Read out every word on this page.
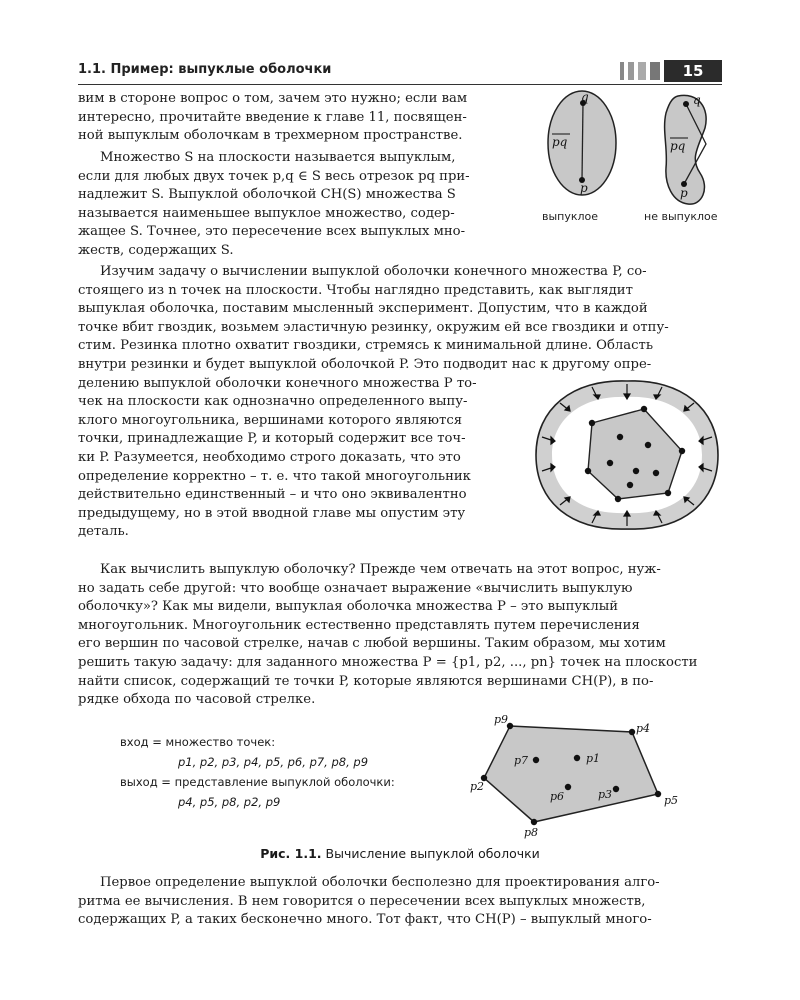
1.1. Пример: выпуклые оболочки	15
вим в стороне вопрос о том, зачем это нужно; если вам
интересно, прочитайте введение к главе 11, посвящен-
ной выпуклым оболочкам в трехмерном пространстве.
Множество S на плоскости называется выпуклым,
если для любых двух точек p,q ∈ S весь отрезок pq при-
надлежит S. Выпуклой оболочкой CH(S) множества S
называется наименьшее выпуклое множество, содер-
жащее S. Точнее, это пересечение всех выпуклых мно-
жеств, содержащих S.
q
p
pq
q
p
pq
выпуклое	не выпуклое
Изучим задачу о вычислении выпуклой оболочки конечного множества P, со-
стоящего из n точек на плоскости. Чтобы наглядно представить, как выглядит
выпуклая оболочка, поставим мысленный эксперимент. Допустим, что в каждой
точке вбит гвоздик, возьмем эластичную резинку, окружим ей все гвоздики и отпу-
стим. Резинка плотно охватит гвоздики, стремясь к минимальной длине. Область
внутри резинки и будет выпуклой оболочкой P. Это подводит нас к другому опре-
делению выпуклой оболочки конечного множества P то-
чек на плоскости как однозначно определенного выпу-
клого многоугольника, вершинами которого являются
точки, принадлежащие P, и который содержит все точ-
ки P. Разумеется, необходимо строго доказать, что это
определение корректно – т. е. что такой многоугольник
действительно единственный – и что оно эквивалентно
предыдущему, но в этой вводной главе мы опустим эту
деталь.
Как вычислить выпуклую оболочку? Прежде чем отвечать на этот вопрос, нуж-
но задать себе другой: что вообще означает выражение «вычислить выпуклую
оболочку»? Как мы видели, выпуклая оболочка множества P – это выпуклый
многоугольник. Многоугольник естественно представлять путем перечисления
его вершин по часовой стрелке, начав с любой вершины. Таким образом, мы хотим
решить такую задачу: для заданного множества P = {p1, p2, ..., pn} точек на плоскости
найти список, содержащий те точки P, которые являются вершинами CH(P), в по-
рядке обхода по часовой стрелке.
вход = множество точек:
p1, p2, p3, p4, p5, p6, p7, p8, p9
выход = представление выпуклой оболочки:
p4, p5, p8, p2, p9
p9
p4
p7	p1
p6	p3	p5
p2
p8
Рис. 1.1. Вычисление выпуклой оболочки
Первое определение выпуклой оболочки бесполезно для проектирования алго-
ритма ее вычисления. В нем говорится о пересечении всех выпуклых множеств,
содержащих P, а таких бесконечно много. Тот факт, что CH(P) – выпуклый много-
